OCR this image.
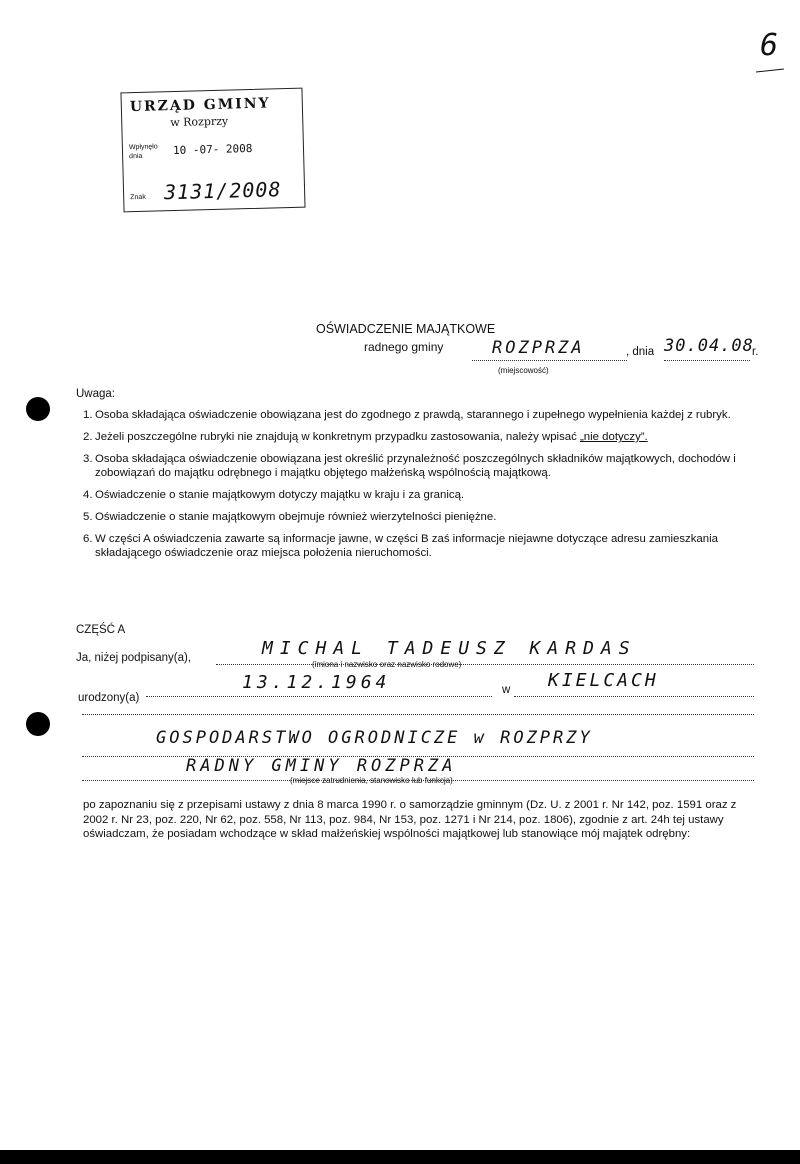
6
URZĄD GMINY
w Rozprzy
Wpłynęło dnia	10 -07- 2008
Znak 3131/2008
OŚWIADCZENIE MAJĄTKOWE
radnego gminy	ROZPRZA	, dnia 30.04.08
r.
(miejscowość)
Uwaga:
1. Osoba składająca oświadczenie obowiązana jest do zgodnego z prawdą, starannego i zupełnego wypełnienia każdej z rubryk.
2. Jeżeli poszczególne rubryki nie znajdują w konkretnym przypadku zastosowania, należy wpisać „nie dotyczy”.
3. Osoba składająca oświadczenie obowiązana jest określić przynależność poszczególnych składników majątkowych, dochodów i zobowiązań do majątku odrębnego i majątku objętego małżeńską wspólnością majątkową.
4. Oświadczenie o stanie majątkowym dotyczy majątku w kraju i za granicą.
5. Oświadczenie o stanie majątkowym obejmuje również wierzytelności pieniężne.
6. W części A oświadczenia zawarte są informacje jawne, w części B zaś informacje niejawne dotyczące adresu zamieszkania składającego oświadczenie oraz miejsca położenia nieruchomości.
CZĘŚĆ A
Ja, niżej podpisany(a),	MICHAL TADEUSZ KARDAS
(imiona i nazwisko oraz nazwisko rodowe)
urodzony(a)
13.12.1964	w KIELCACH
GOSPODARSTWO OGRODNICZE w ROZPRZY
RADNY GMINY ROZPRZA
(miejsce zatrudnienia, stanowisko lub funkcja)
po zapoznaniu się z przepisami ustawy z dnia 8 marca 1990 r. o samorządzie gminnym (Dz. U. z 2001 r. Nr 142, poz. 1591 oraz z 2002 r. Nr 23, poz. 220, Nr 62, poz. 558, Nr 113, poz. 984, Nr 153, poz. 1271 i Nr 214, poz. 1806), zgodnie z art. 24h tej ustawy oświadczam, że posiadam wchodzące w skład małżeńskiej wspólności majątkowej lub stanowiące mój majątek odrębny:
